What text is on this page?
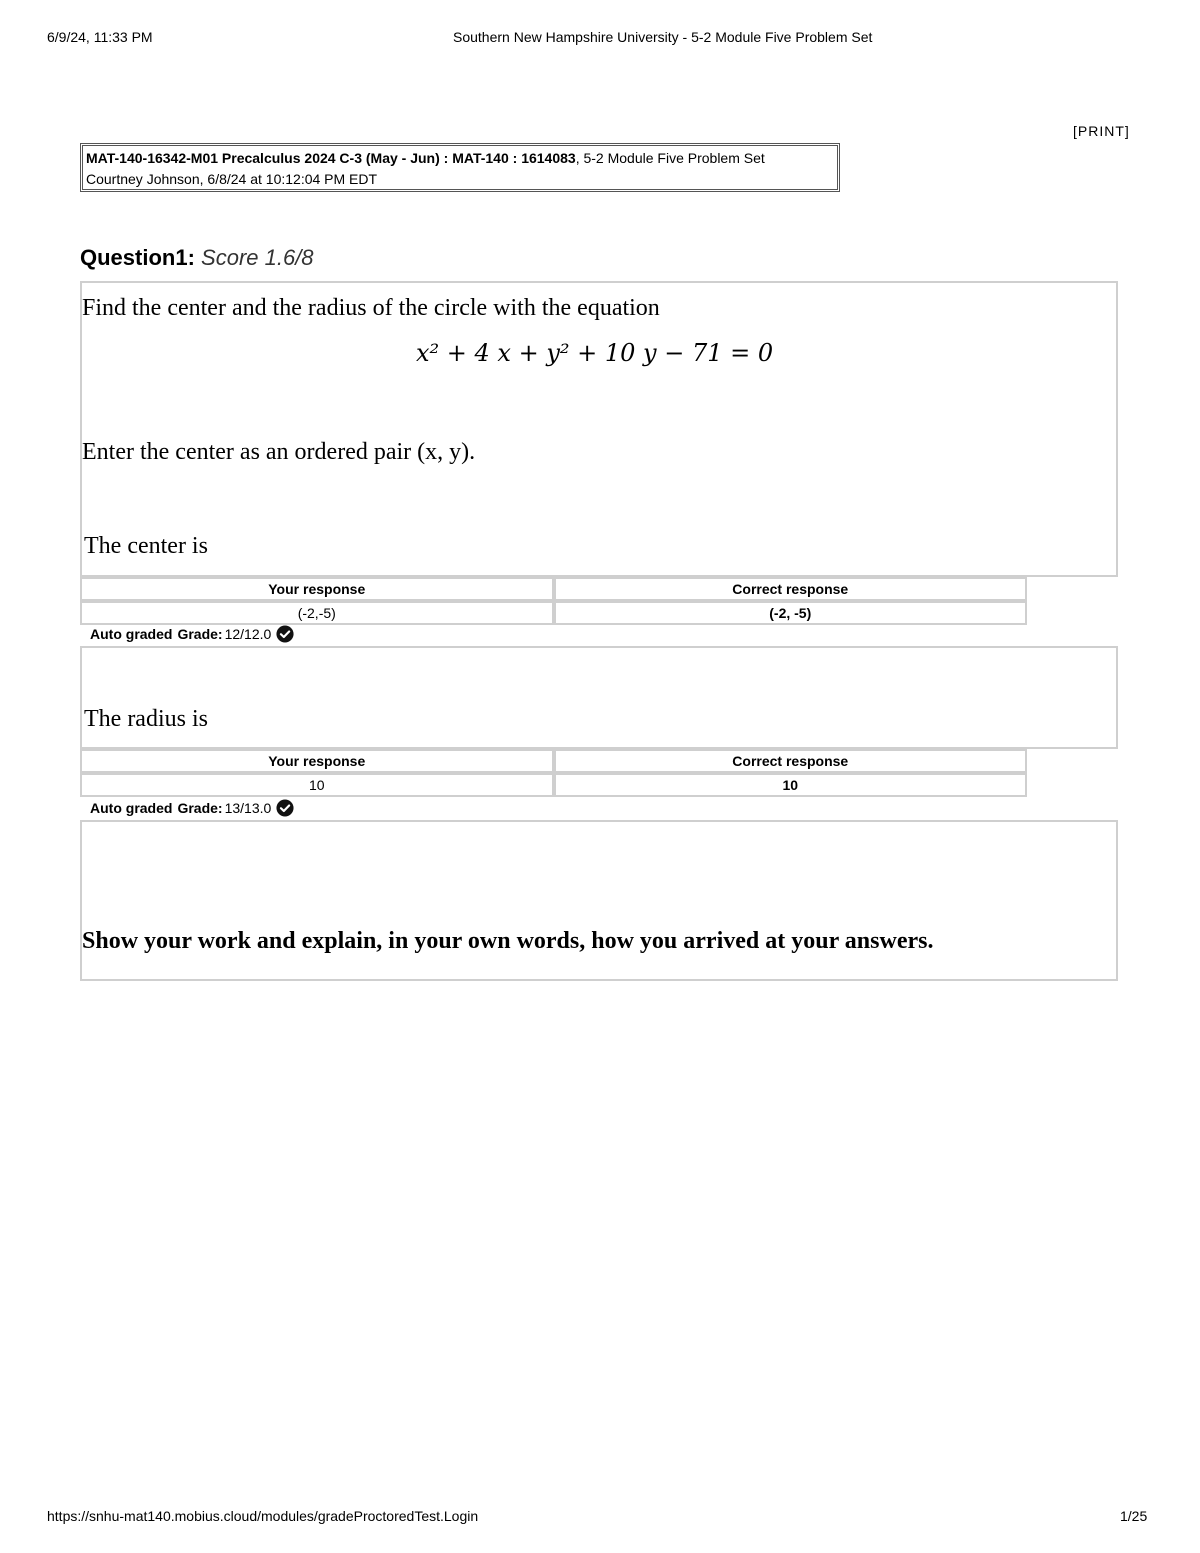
6/9/24, 11:33 PM	Southern New Hampshire University - 5-2 Module Five Problem Set
[PRINT]
MAT-140-16342-M01 Precalculus 2024 C-3 (May - Jun) : MAT-140 : 1614083, 5-2 Module Five Problem Set
Courtney Johnson, 6/8/24 at 10:12:04 PM EDT
Question1: Score 1.6/8
Find the center and the radius of the circle with the equation
x² + 4 x + y² + 10 y − 71 = 0
Enter the center as an ordered pair (x, y).
The center is
Your response	Correct response
(-2,-5)	(-2, -5)
Auto graded Grade: 12/12.0
The radius is
Your response	Correct response
10	10
Auto graded Grade: 13/13.0
Show your work and explain, in your own words, how you arrived at your answers.
https://snhu-mat140.mobius.cloud/modules/gradeProctoredTest.Login	1/25
